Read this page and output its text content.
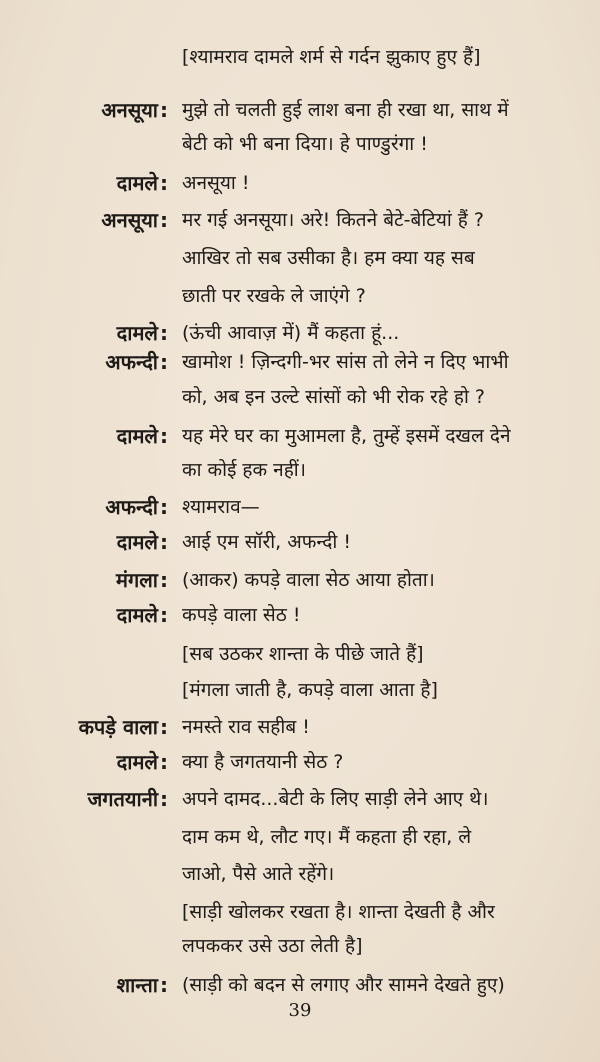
[श्यामराव दामले शर्म से गर्दन झुकाए हुए हैं]
अनसूया : मुझे तो चलती हुई लाश बना ही रखा था, साथ में
बेटी को भी बना दिया। हे पाण्डुरंगा !
दामले : अनसूया !
अनसूया : मर गई अनसूया। अरे! कितने बेटे-बेटियां हैं ?
आखिर तो सब उसीका है। हम क्या यह सब
छाती पर रखके ले जाएंगे ?
दामले : (ऊंची आवाज़ में) मैं कहता हूं...
अफन्दी : खामोश ! ज़िन्दगी-भर सांस तो लेने न दिए भाभी
को, अब इन उल्टे सांसों को भी रोक रहे हो ?
दामले : यह मेरे घर का मुआमला है, तुम्हें इसमें दखल देने
का कोई हक नहीं।
अफन्दी : श्यामराव—
दामले : आई एम सॉरी, अफन्दी !
मंगला : (आकर) कपड़े वाला सेठ आया होता।
दामले : कपड़े वाला सेठ !
[सब उठकर शान्ता के पीछे जाते हैं]
[मंगला जाती है, कपड़े वाला आता है]
कपड़े वाला : नमस्ते राव सहीब !
दामले : क्या है जगतयानी सेठ ?
जगतयानी : अपने दामद...बेटी के लिए साड़ी लेने आए थे।
दाम कम थे, लौट गए। मैं कहता ही रहा, ले
जाओ, पैसे आते रहेंगे।
[साड़ी खोलकर रखता है। शान्ता देखती है और
लपककर उसे उठा लेती है]
शान्ता : (साड़ी को बदन से लगाए और सामने देखते हुए)
39
